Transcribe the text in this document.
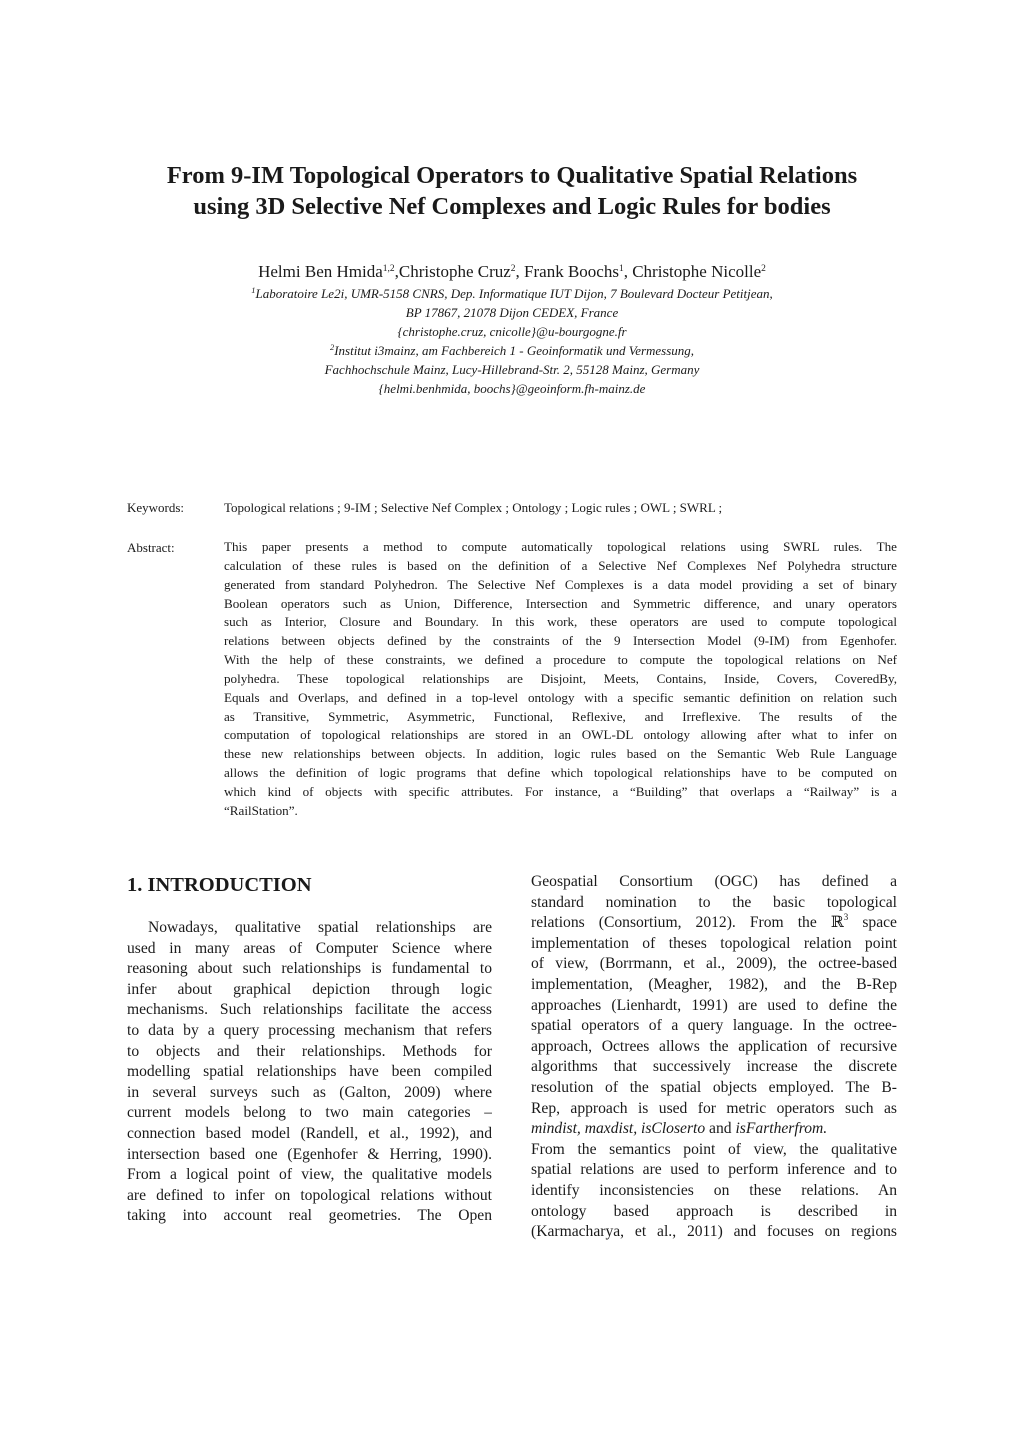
From 9-IM Topological Operators to Qualitative Spatial Relations
using 3D Selective Nef Complexes and Logic Rules for bodies
Helmi Ben Hmida$^{1,2}$,Christophe Cruz$^2$, Frank Boochs$^1$, Christophe Nicolle$^2$
$^1$Laboratoire Le2i, UMR-5158 CNRS, Dep. Informatique IUT Dijon, 7 Boulevard Docteur Petitjean,
BP 17867, 21078 Dijon CEDEX, France
{christophe.cruz, cnicolle}@u-bourgogne.fr
$^2$Institut i3mainz, am Fachbereich 1 - Geoinformatik und Vermessung,
Fachhochschule Mainz, Lucy-Hillebrand-Str. 2, 55128 Mainz, Germany
{helmi.benhmida, boochs}@geoinform.fh-mainz.de
Keywords:	Topological relations ; 9-IM ; Selective Nef Complex ; Ontology ; Logic rules ; OWL ; SWRL ;
Abstract:	This paper presents a method to compute automatically topological relations using SWRL rules. The
calculation of these rules is based on the definition of a Selective Nef Complexes Nef Polyhedra structure
generated from standard Polyhedron. The Selective Nef Complexes is a data model providing a set of binary
Boolean operators such as Union, Difference, Intersection and Symmetric difference, and unary operators
such as Interior, Closure and Boundary. In this work, these operators are used to compute topological
relations between objects defined by the constraints of the 9 Intersection Model (9-IM) from Egenhofer.
With the help of these constraints, we defined a procedure to compute the topological relations on Nef
polyhedra. These topological relationships are Disjoint, Meets, Contains, Inside, Covers, CoveredBy,
Equals and Overlaps, and defined in a top-level ontology with a specific semantic definition on relation such
as Transitive, Symmetric, Asymmetric, Functional, Reflexive, and Irreflexive. The results of the
computation of topological relationships are stored in an OWL-DL ontology allowing after what to infer on
these new relationships between objects. In addition, logic rules based on the Semantic Web Rule Language
allows the definition of logic programs that define which topological relationships have to be computed on
which kind of objects with specific attributes. For instance, a “Building” that overlaps a “Railway” is a
“RailStation”.
1. INTRODUCTION
Nowadays, qualitative spatial relationships are
used in many areas of Computer Science where
reasoning about such relationships is fundamental to
infer about graphical depiction through logic
mechanisms. Such relationships facilitate the access
to data by a query processing mechanism that refers
to objects and their relationships. Methods for
modelling spatial relationships have been compiled
in several surveys such as (Galton, 2009) where
current models belong to two main categories –
connection based model (Randell, et al., 1992), and
intersection based one (Egenhofer & Herring, 1990).
From a logical point of view, the qualitative models
are defined to infer on topological relations without
taking into account real geometries. The Open
Geospatial Consortium (OGC) has defined a
standard nomination to the basic topological
relations (Consortium, 2012). From the ℝ$^3$ space
implementation of theses topological relation point
of view, (Borrmann, et al., 2009), the octree-based
implementation, (Meagher, 1982), and the B-Rep
approaches (Lienhardt, 1991) are used to define the
spatial operators of a query language. In the octree-
approach, Octrees allows the application of recursive
algorithms that successively increase the discrete
resolution of the spatial objects employed. The B-
Rep, approach is used for metric operators such as
mindist, maxdist, isCloserto and isFartherfrom.
From the semantics point of view, the qualitative
spatial relations are used to perform inference and to
identify inconsistencies on these relations. An
ontology based approach is described in
(Karmacharya, et al., 2011) and focuses on regions
